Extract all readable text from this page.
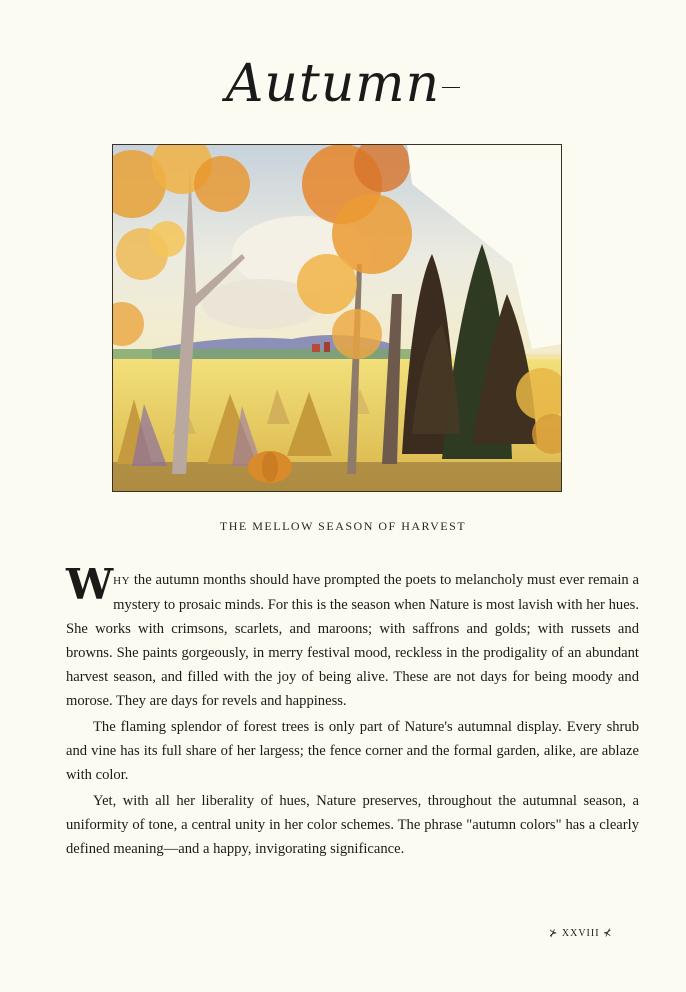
Autumn
THE MELLOW SEASON OF HARVEST

WHY the autumn months should have prompted the poets to melancholy must ever remain a mystery to prosaic minds. For this is the season when Nature is most lavish with her hues. She works with crimsons, scarlets, and maroons; with saffrons and golds; with russets and browns. She paints gorgeously, in merry festival mood, reckless in the prodigality of an abundant harvest season, and filled with the joy of being alive. These are not days for being moody and morose. They are days for revels and happiness.

The flaming splendor of forest trees is only part of Nature's autumnal display. Every shrub and vine has its full share of her largess; the fence corner and the formal garden, alike, are ablaze with color.

Yet, with all her liberality of hues, Nature preserves, throughout the autumnal season, a uniformity of tone, a central unity in her color schemes. The phrase "autumn colors" has a clearly defined meaning—and a happy, invigorating significance.

⊁ XXVIII ⊀
